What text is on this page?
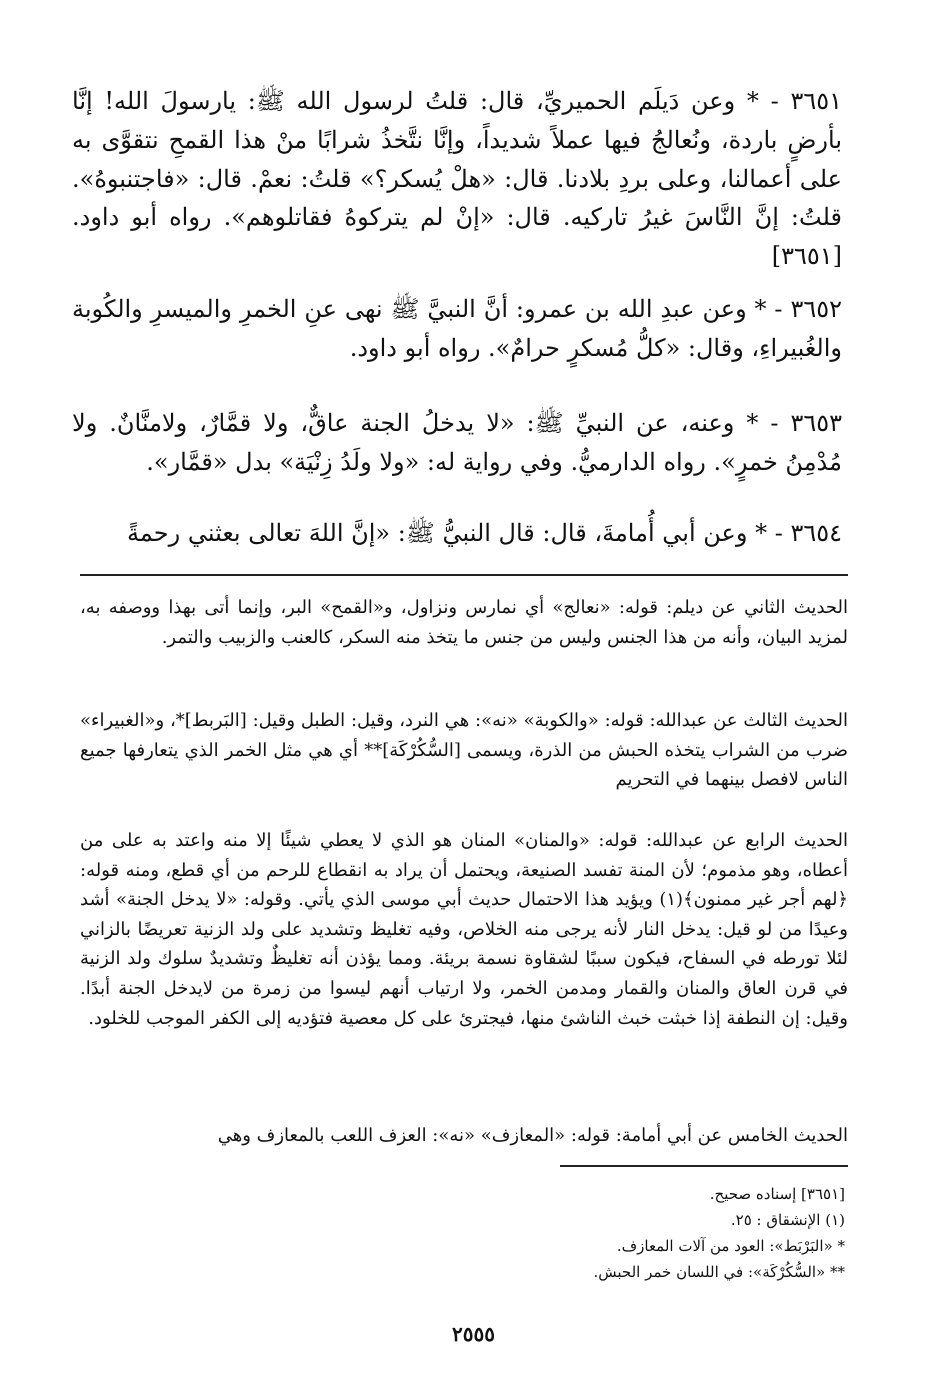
٣٦٥١ - * وعن دَيلَم الحميريِّ، قال: قلتُ لرسول الله ﷺ: يارسولَ الله! إنَّا بأرضٍ باردة، ونُعالجُ فيها عملاً شديداً، وإنَّا نتَّخذُ شرابًا منْ هذا القمحِ نتقوَّى به على أعمالنا، وعلى بردِ بلادنا. قال: «هلْ يُسكر؟» قلتُ: نعمْ. قال: «فاجتنبوهُ». قلتُ: إنَّ النَّاسَ غيرُ تاركيه. قال: «إنْ لم يتركوهُ فقاتلوهم». رواه أبو داود. [٣٦٥١]

٣٦٥٢ - * وعن عبدِ الله بن عمرو: أنَّ النبيَّ ﷺ نهى عنِ الخمرِ والميسرِ والكُوبة والغُبيراءِ، وقال: «كلُّ مُسكرٍ حرامٌ». رواه أبو داود.

٣٦٥٣ - * وعنه، عن النبيِّ ﷺ: «لا يدخلُ الجنة عاقٌّ، ولا قمَّارٌ، ولامنَّانٌ. ولا مُدْمِنُ خمرٍ». رواه الدارميُّ. وفي رواية له: «ولا ولَدُ زِنْيَة» بدل «قمَّار».

٣٦٥٤ - * وعن أبي أُمامةَ، قال: قال النبيُّ ﷺ: «إنَّ اللهَ تعالى بعثني رحمةً

الحديث الثاني عن ديلم: قوله: «نعالج» أي نمارس ونزاول، و«القمح» البر، وإنما أتى بهذا ووصفه به، لمزيد البيان، وأنه من هذا الجنس وليس من جنس ما يتخذ منه السكر، كالعنب والزبيب والتمر.

الحديث الثالث عن عبدالله: قوله: «والكوبة» «نه»: هي النرد، وقيل: الطبل وقيل: [البَربط]*، و«الغبيراء» ضرب من الشراب يتخذه الحبش من الذرة، ويسمى [السُّكُرْكَة]** أي هي مثل الخمر الذي يتعارفها جميع الناس لافصل بينهما في التحريم

الحديث الرابع عن عبدالله: قوله: «والمنان» المنان هو الذي لا يعطي شيئًا إلا منه واعتد به على من أعطاه، وهو مذموم؛ لأن المنة تفسد الصنيعة، ويحتمل أن يراد به انقطاع للرحم من أي قطع، ومنه قوله: ﴿لهم أجر غير ممنون﴾(١) ويؤيد هذا الاحتمال حديث أبي موسى الذي يأتي. وقوله: «لا يدخل الجنة» أشد وعيدًا من لو قيل: يدخل النار لأنه يرجى منه الخلاص، وفيه تغليظ وتشديد على ولد الزنية تعريضًا بالزاني لئلا تورطه في السفاح، فيكون سببًا لشقاوة نسمة بريئة. ومما يؤذن أنه تغليظٌ وتشديدٌ سلوك ولد الزنية في قرن العاق والمنان والقمار ومدمن الخمر، ولا ارتياب أنهم ليسوا من زمرة من لايدخل الجنة أبدًا. وقيل: إن النطفة إذا خبثت خبث الناشئ منها، فيجترئ على كل معصية فتؤديه إلى الكفر الموجب للخلود.

الحديث الخامس عن أبي أمامة: قوله: «المعازف» «نه»: العزف اللعب بالمعازف وهي

[٣٦٥١] إسناده صحيح.

(١) الإنشقاق : ٢٥.

* «البَرْبَط»: العود من آلات المعازف.

** «السُّكُرْكَة»: في اللسان خمر الحبش.

٢٥٥٥
